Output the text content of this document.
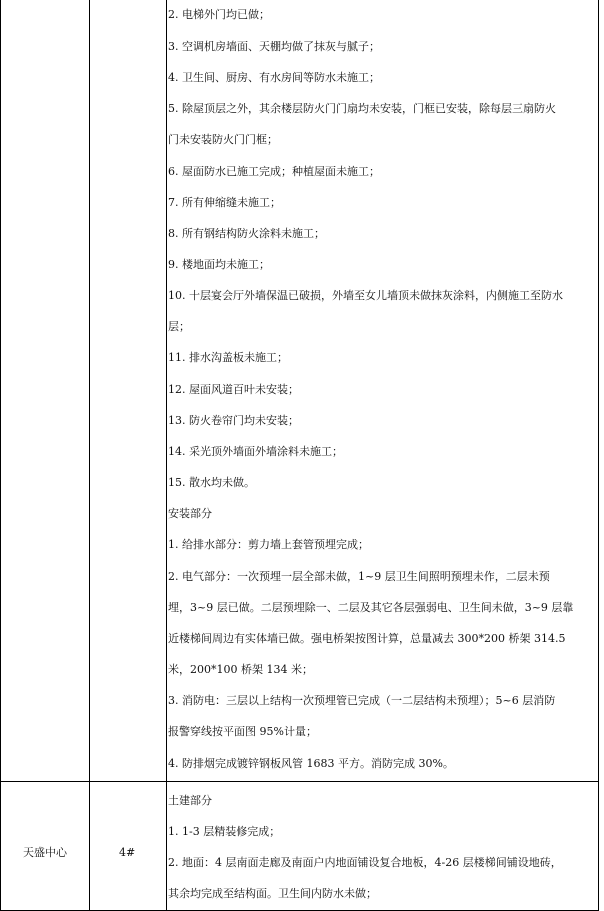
天盛中心	4#
2. 电梯外门均已做；
3. 空调机房墙面、天棚均做了抹灰与腻子；
4. 卫生间、厨房、有水房间等防水未施工；
5. 除屋顶层之外，其余楼层防火门门扇均未安装，门框已安装，除每层三扇防火
门未安装防火门门框；
6. 屋面防水已施工完成；种植屋面未施工；
7. 所有伸缩缝未施工；
8. 所有钢结构防火涂料未施工；
9. 楼地面均未施工；
10. 十层宴会厅外墙保温已破损，外墙至女儿墙顶未做抹灰涂料，内侧施工至防水
层；
11. 排水沟盖板未施工；
12. 屋面风道百叶未安装；
13. 防火卷帘门均未安装；
14. 采光顶外墙面外墙涂料未施工；
15. 散水均未做。
安装部分
1. 给排水部分：剪力墙上套管预埋完成；
2. 电气部分：一次预埋一层全部未做，1~9 层卫生间照明预埋未作，二层未预
埋，3~9 层已做。二层预埋除一、二层及其它各层强弱电、卫生间未做，3~9 层靠
近楼梯间周边有实体墙已做。强电桥架按图计算，总量减去 300*200 桥架 314.5
米，200*100 桥架 134 米；
3. 消防电：三层以上结构一次预埋管已完成（一二层结构未预埋）；5~6 层消防
报警穿线按平面图 95%计量；
4. 防排烟完成镀锌钢板风管 1683 平方。消防完成 30%。
土建部分
1. 1-3 层精装修完成；
2. 地面：4 层南面走廊及南面户内地面铺设复合地板，4-26 层楼梯间铺设地砖，
其余均完成至结构面。卫生间内防水未做；
